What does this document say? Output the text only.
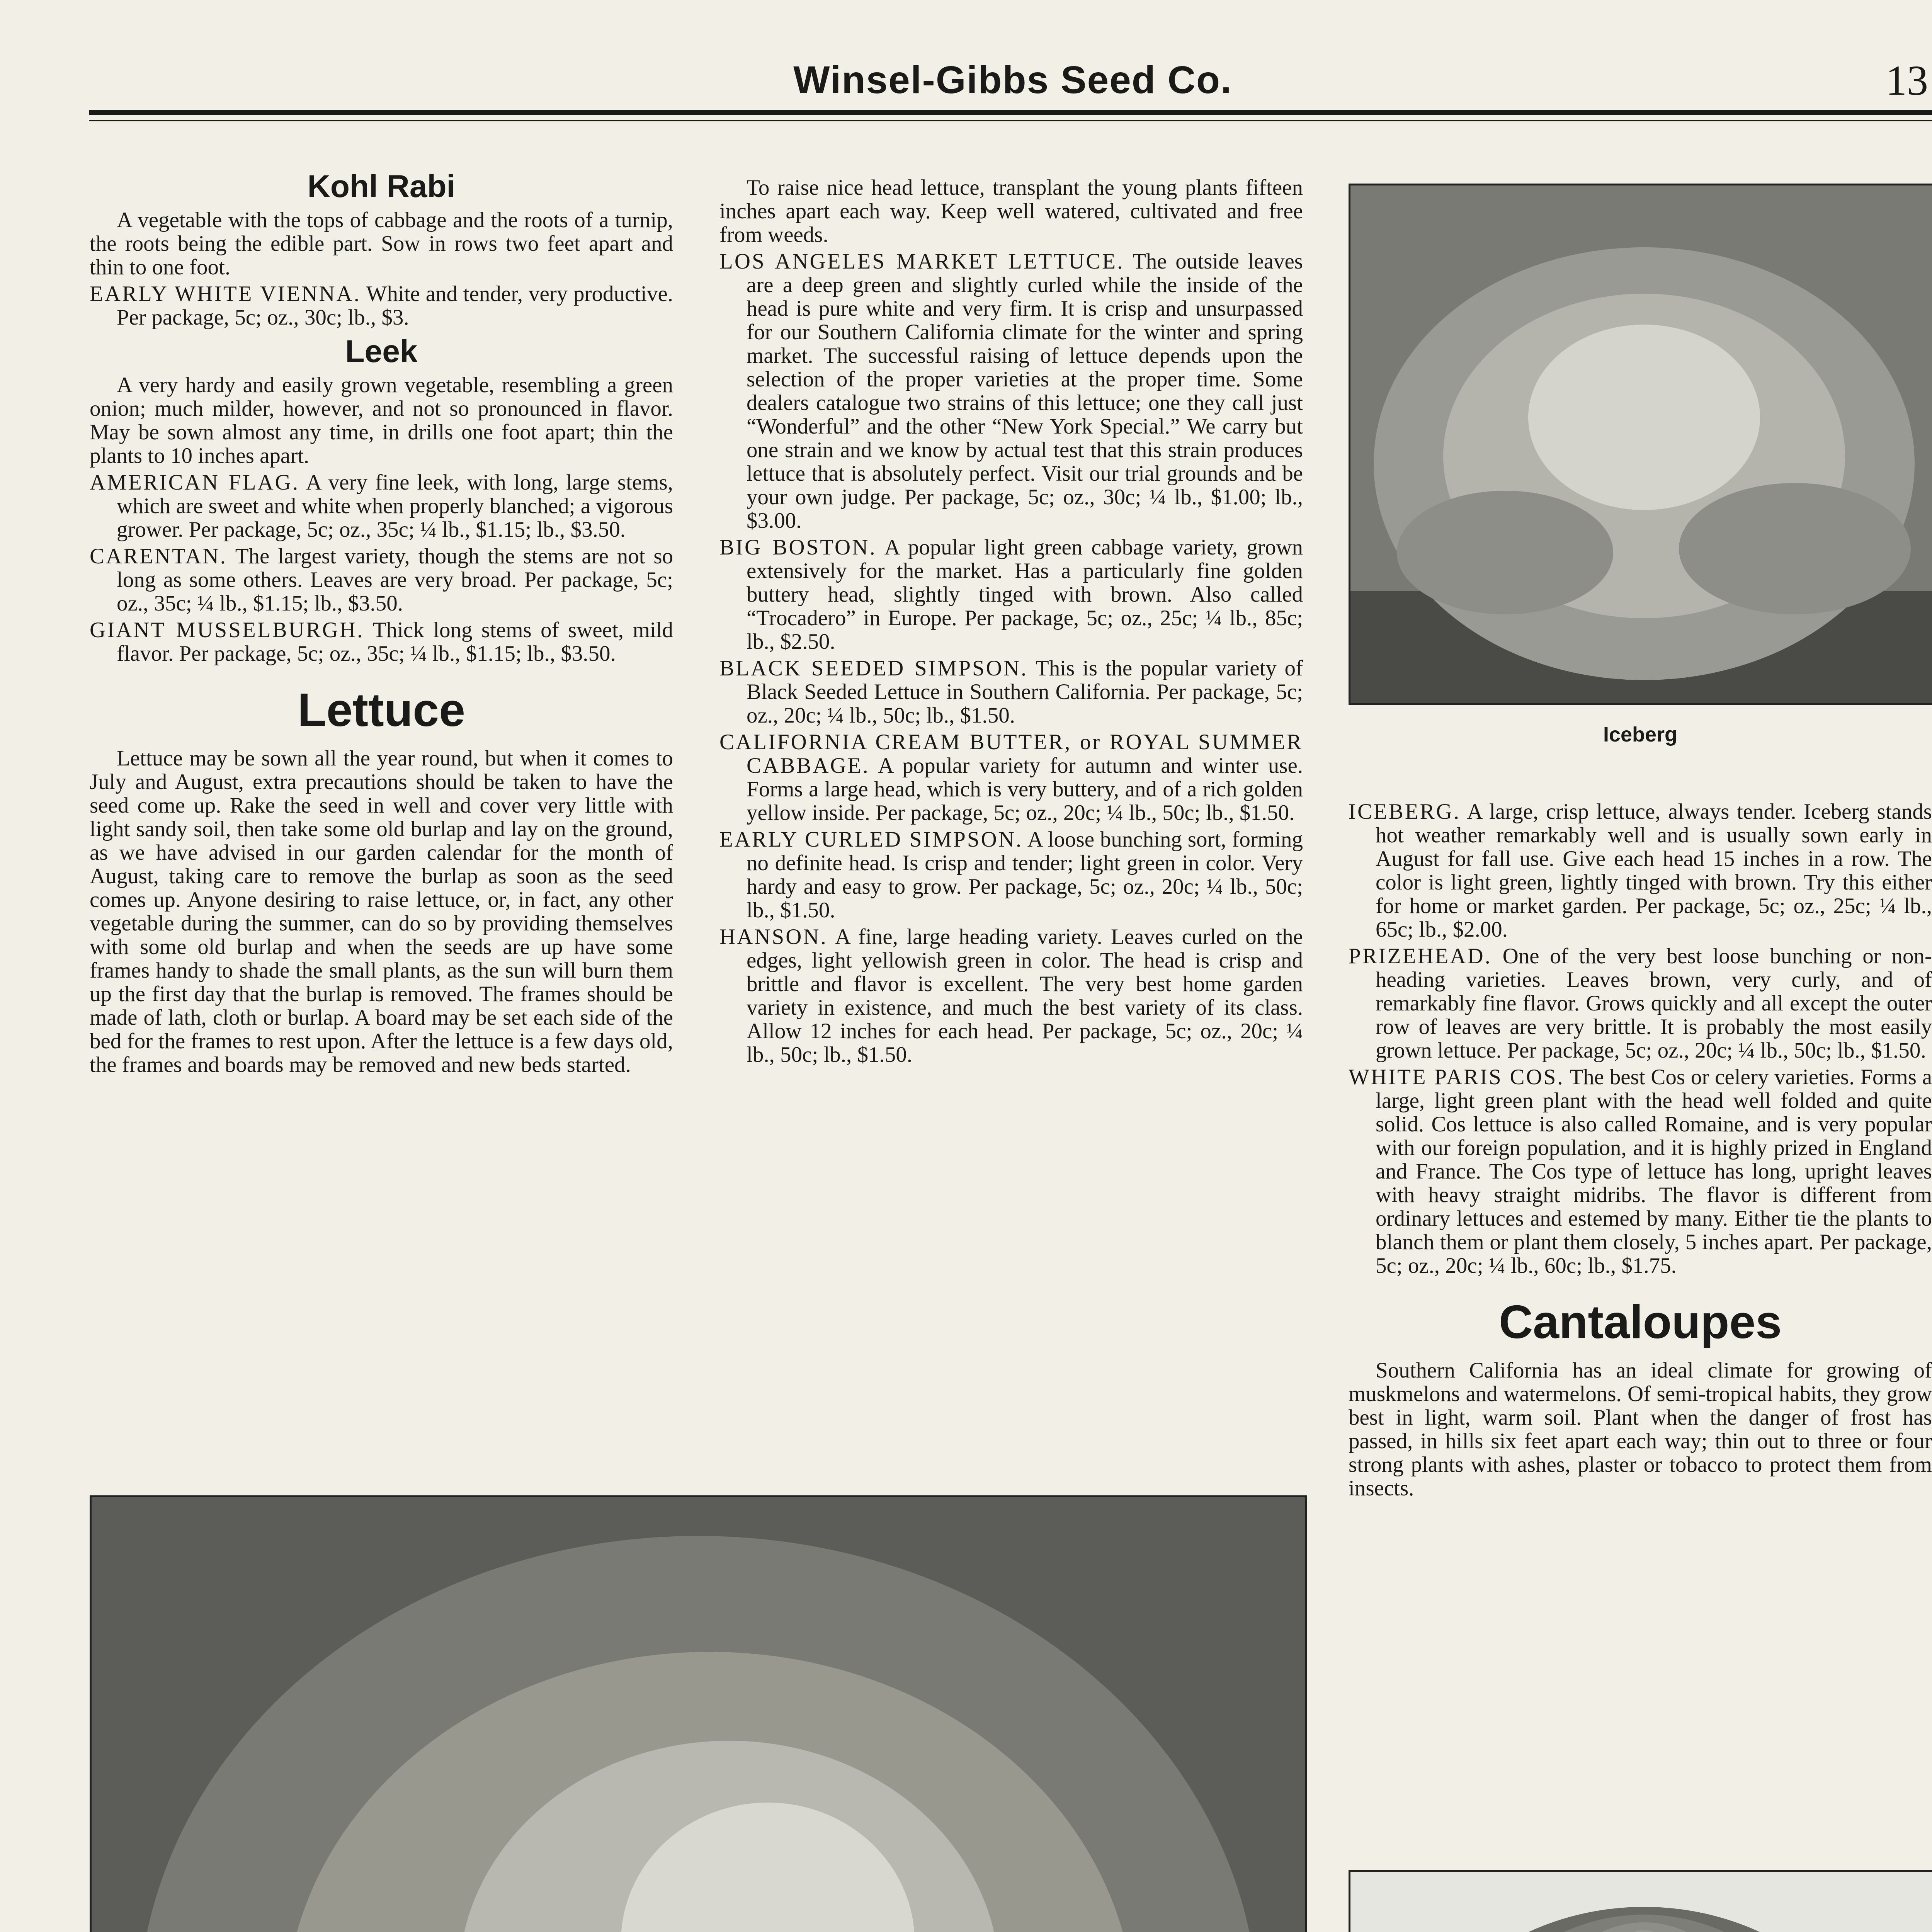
Winsel-Gibbs Seed Co.	13
Kohl Rabi

A vegetable with the tops of cabbage and the roots of a turnip, the roots being the edible part. Sow in rows two feet apart and thin to one foot.

EARLY WHITE VIENNA. White and tender, very productive. Per package, 5c; oz., 30c; lb., $3.

Leek

A very hardy and easily grown vegetable, resembling a green onion; much milder, however, and not so pronounced in flavor. May be sown almost any time, in drills one foot apart; thin the plants to 10 inches apart.

AMERICAN FLAG. A very fine leek, with long, large stems, which are sweet and white when properly blanched; a vigorous grower. Per package, 5c; oz., 35c; ¼ lb., $1.15; lb., $3.50.

CARENTAN. The largest variety, though the stems are not so long as some others. Leaves are very broad. Per package, 5c; oz., 35c; ¼ lb., $1.15; lb., $3.50.

GIANT MUSSELBURGH. Thick long stems of sweet, mild flavor. Per package, 5c; oz., 35c; ¼ lb., $1.15; lb., $3.50.

Lettuce

Lettuce may be sown all the year round, but when it comes to July and August, extra precautions should be taken to have the seed come up. Rake the seed in well and cover very little with light sandy soil, then take some old burlap and lay on the ground, as we have advised in our garden calendar for the month of August, taking care to remove the burlap as soon as the seed comes up. Anyone desiring to raise lettuce, or, in fact, any other vegetable during the summer, can do so by providing themselves with some old burlap and when the seeds are up have some frames handy to shade the small plants, as the sun will burn them up the first day that the burlap is removed. The frames should be made of lath, cloth or burlap. A board may be set each side of the bed for the frames to rest upon. After the lettuce is a few days old, the frames and boards may be removed and new beds started.

To raise nice head lettuce, transplant the young plants fifteen inches apart each way. Keep well watered, cultivated and free from weeds.

LOS ANGELES MARKET LETTUCE. The outside leaves are a deep green and slightly curled while the inside of the head is pure white and very firm. It is crisp and unsurpassed for our Southern California climate for the winter and spring market. The successful raising of lettuce depends upon the selection of the proper varieties at the proper time. Some dealers catalogue two strains of this lettuce; one they call just “Wonderful” and the other “New York Special.” We carry but one strain and we know by actual test that this strain produces lettuce that is absolutely perfect. Visit our trial grounds and be your own judge. Per package, 5c; oz., 30c; ¼ lb., $1.00; lb., $3.00.

BIG BOSTON. A popular light green cabbage variety, grown extensively for the market. Has a particularly fine golden buttery head, slightly tinged with brown. Also called “Trocadero” in Europe. Per package, 5c; oz., 25c; ¼ lb., 85c; lb., $2.50.

BLACK SEEDED SIMPSON. This is the popular variety of Black Seeded Lettuce in Southern California. Per package, 5c; oz., 20c; ¼ lb., 50c; lb., $1.50.

CALIFORNIA CREAM BUTTER, or ROYAL SUMMER CABBAGE. A popular variety for autumn and winter use. Forms a large head, which is very buttery, and of a rich golden yellow inside. Per package, 5c; oz., 20c; ¼ lb., 50c; lb., $1.50.

EARLY CURLED SIMPSON. A loose bunching sort, forming no definite head. Is crisp and tender; light green in color. Very hardy and easy to grow. Per package, 5c; oz., 20c; ¼ lb., 50c; lb., $1.50.

HANSON. A fine, large heading variety. Leaves curled on the edges, light yellowish green in color. The head is crisp and brittle and flavor is excellent. The very best home garden variety in existence, and much the best variety of its class. Allow 12 inches for each head. Per package, 5c; oz., 20c; ¼ lb., 50c; lb., $1.50.

Iceberg

ICEBERG. A large, crisp lettuce, always tender. Iceberg stands hot weather remarkably well and is usually sown early in August for fall use. Give each head 15 inches in a row. The color is light green, lightly tinged with brown. Try this either for home or market garden. Per package, 5c; oz., 25c; ¼ lb., 65c; lb., $2.00.

PRIZEHEAD. One of the very best loose bunching or non-heading varieties. Leaves brown, very curly, and of remarkably fine flavor. Grows quickly and all except the outer row of leaves are very brittle. It is probably the most easily grown lettuce. Per package, 5c; oz., 20c; ¼ lb., 50c; lb., $1.50.

WHITE PARIS COS. The best Cos or celery varieties. Forms a large, light green plant with the head well folded and quite solid. Cos lettuce is also called Romaine, and is very popular with our foreign population, and it is highly prized in England and France. The Cos type of lettuce has long, upright leaves with heavy straight midribs. The flavor is different from ordinary lettuces and estemed by many. Either tie the plants to blanch them or plant them closely, 5 inches apart. Per package, 5c; oz., 20c; ¼ lb., 60c; lb., $1.75.

Cantaloupes

Southern California has an ideal climate for growing of muskmelons and watermelons. Of semi-tropical habits, they grow best in light, warm soil. Plant when the danger of frost has passed, in hills six feet apart each way; thin out to three or four strong plants with ashes, plaster or tobacco to protect them from insects.
